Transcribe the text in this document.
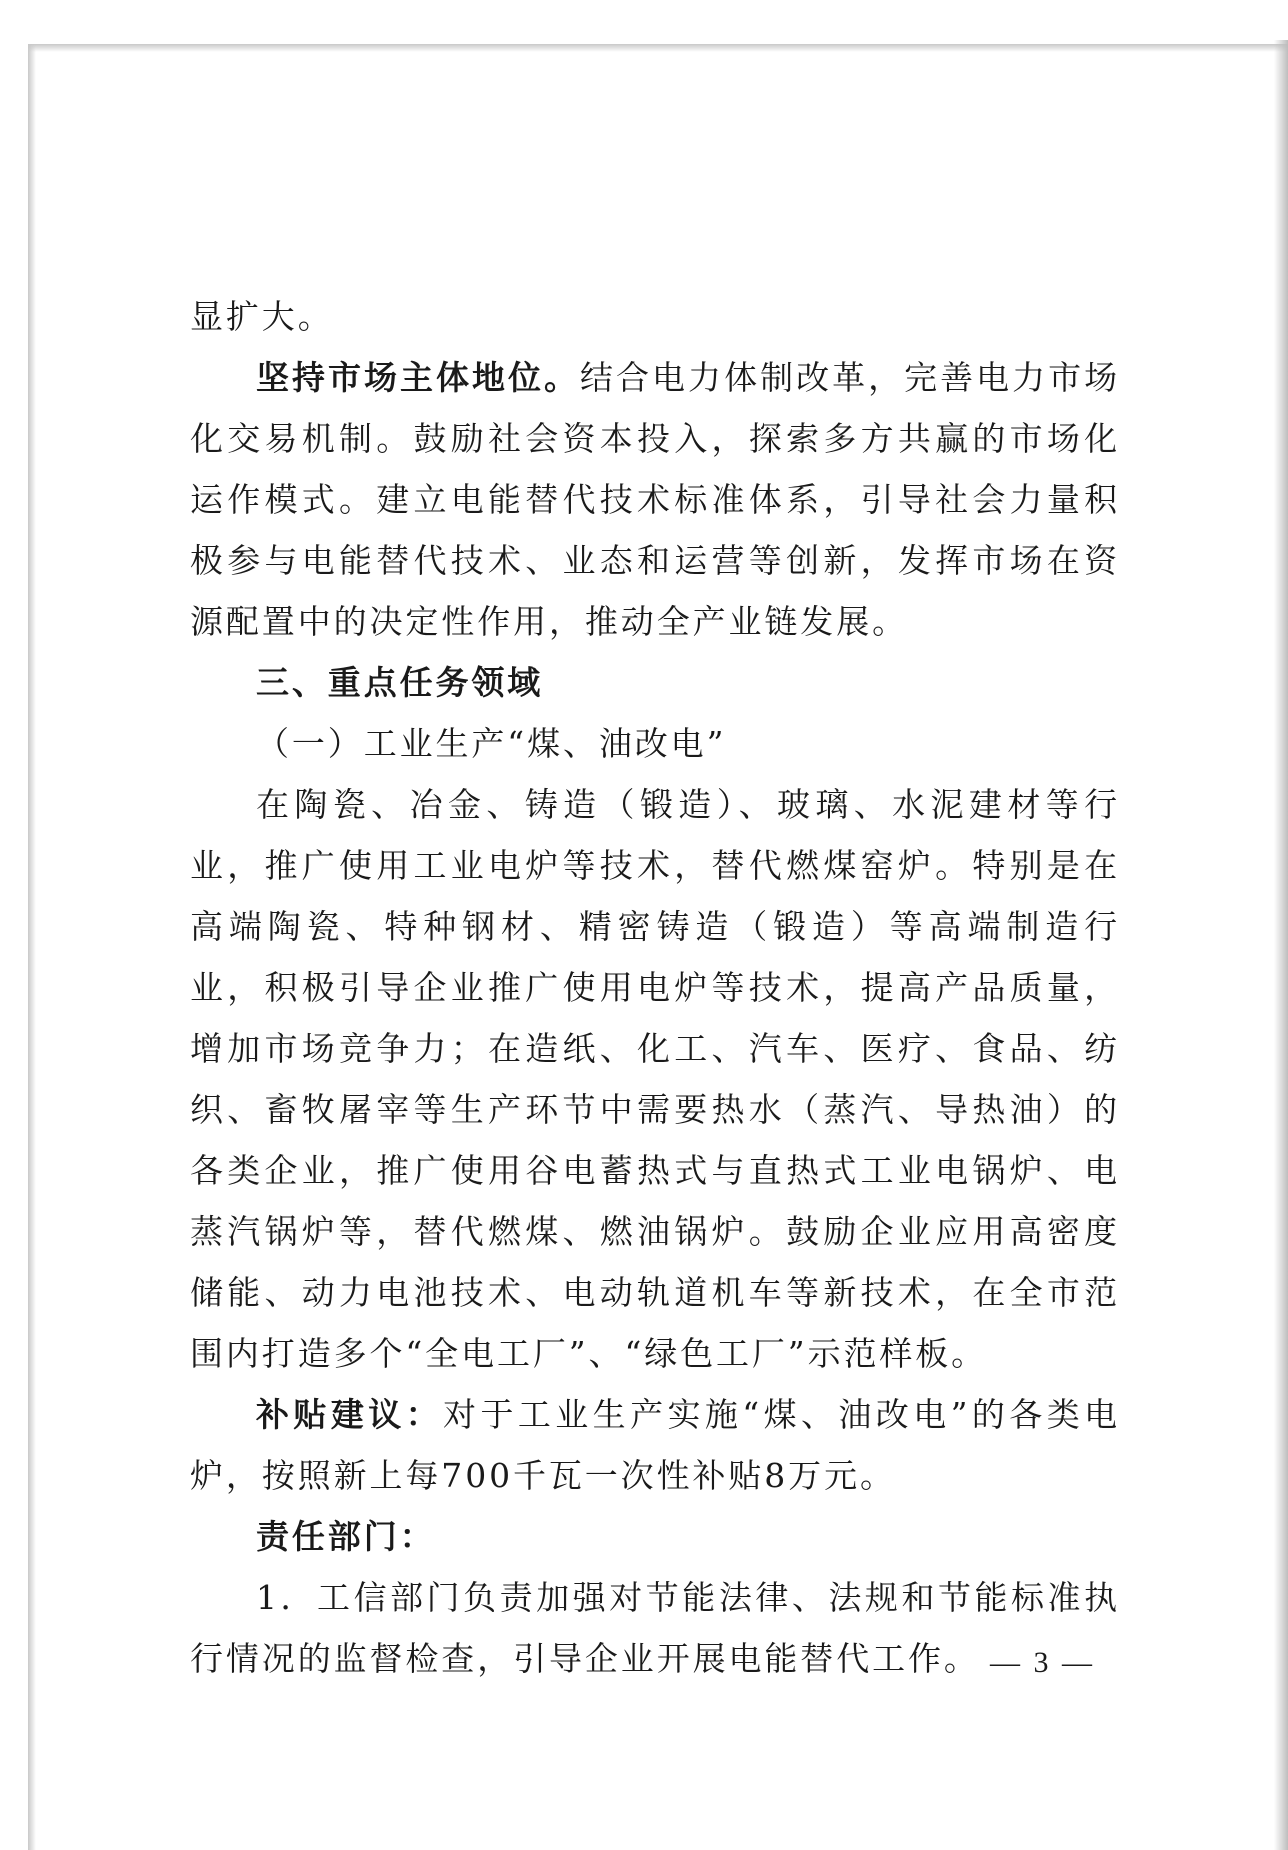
显扩大。

坚持市场主体地位。结合电力体制改革，完善电力市场化交易机制。鼓励社会资本投入，探索多方共赢的市场化运作模式。建立电能替代技术标准体系，引导社会力量积极参与电能替代技术、业态和运营等创新，发挥市场在资源配置中的决定性作用，推动全产业链发展。

三、重点任务领域

（一）工业生产“煤、油改电”

在陶瓷、冶金、铸造（锻造）、玻璃、水泥建材等行业，推广使用工业电炉等技术，替代燃煤窑炉。特别是在高端陶瓷、特种钢材、精密铸造（锻造）等高端制造行业，积极引导企业推广使用电炉等技术，提高产品质量，增加市场竞争力；在造纸、化工、汽车、医疗、食品、纺织、畜牧屠宰等生产环节中需要热水（蒸汽、导热油）的各类企业，推广使用谷电蓄热式与直热式工业电锅炉、电蒸汽锅炉等，替代燃煤、燃油锅炉。鼓励企业应用高密度储能、动力电池技术、电动轨道机车等新技术，在全市范围内打造多个“全电工厂”、“绿色工厂”示范样板。

补贴建议：对于工业生产实施“煤、油改电”的各类电炉，按照新上每700千瓦一次性补贴8万元。

责任部门：

1．工信部门负责加强对节能法律、法规和节能标准执行情况的监督检查，引导企业开展电能替代工作。 — 3 —
